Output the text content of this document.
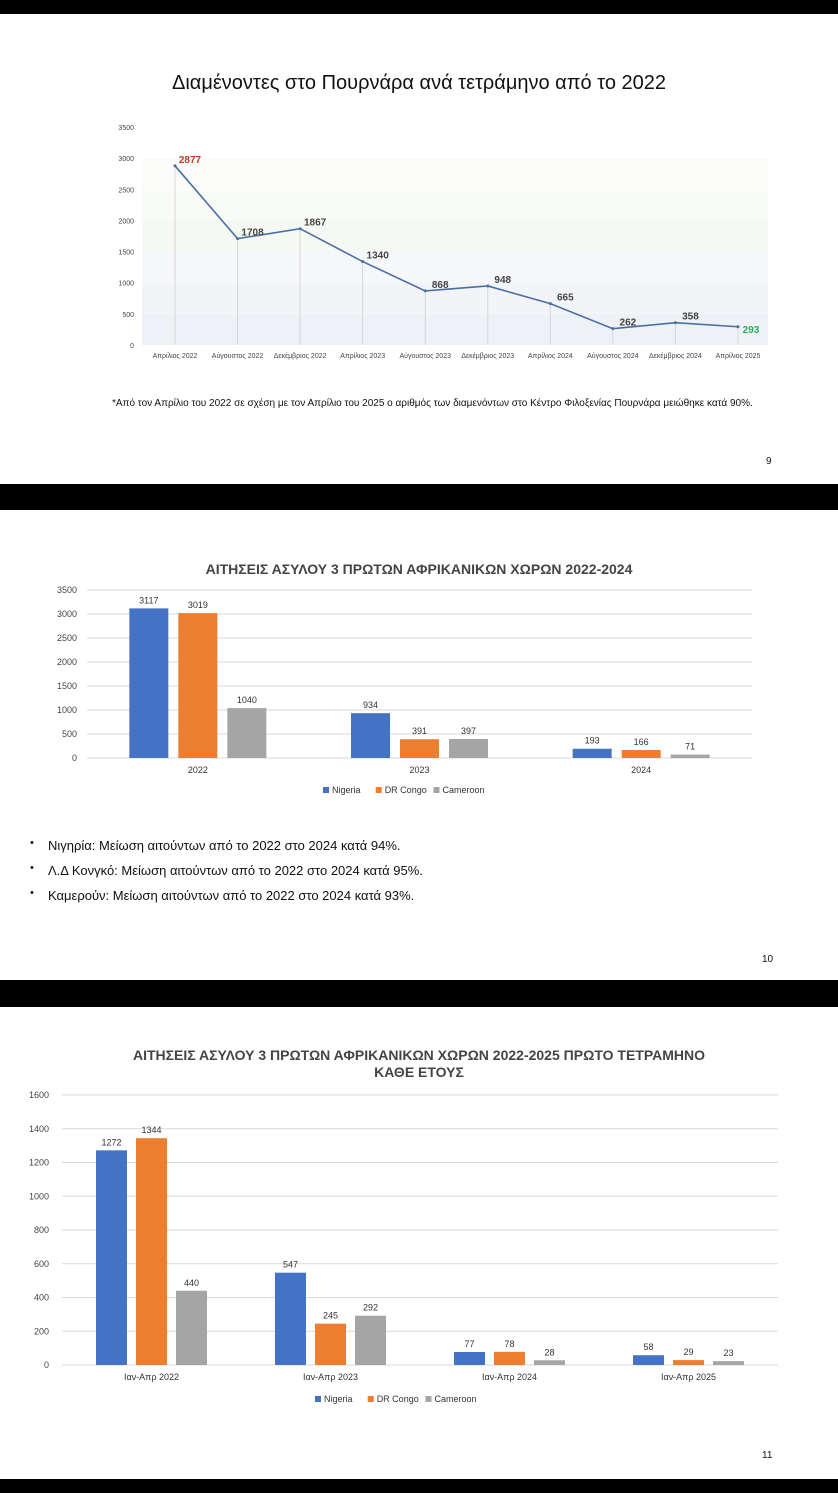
Διαμένοντες στο Πουρνάρα ανά τετράμηνο από το 2022
0
500
1000
1500
2000
2500
3000
3500
Απρίλιος 2022 Αύγουστος 2022 Δεκέμβριος 2022 Απρίλιος 2023 Αύγουστος 2023 Δεκέμβριος 2023 Απρίλιος 2024 Αύγουστος 2024 Δεκέμβριος 2024 Απρίλιος 2025
2877
1708
1867
1340
868	948
665
262
358
293
*Από τον Απρίλιο του 2022 σε σχέση με τον Απρίλιο του 2025 ο αριθμός των διαμενόντων στο Κέντρο Φιλοξενίας Πουρνάρα μειώθηκε κατά 90%.
9
ΑΙΤΗΣΕΙΣ ΑΣΥΛΟΥ 3 ΠΡΩΤΩΝ ΑΦΡΙΚΑΝΙΚΩΝ ΧΩΡΩΝ 2022-2024
0
500
1000
1500
2000
2500
3000
3500
3117	3019
1040
2022
934
391	397
2023
193	166	71
2024
Nigeria	DR Congo Cameroon
• Νιγηρία: Μείωση αιτούντων από το 2022 στο 2024 κατά 94%.
• Λ.Δ Κονγκό: Μείωση αιτούντων από το 2022 στο 2024 κατά 95%.
• Καμερούν: Μείωση αιτούντων από το 2022 στο 2024 κατά 93%.
10
ΑΙΤΗΣΕΙΣ ΑΣΥΛΟΥ 3 ΠΡΩΤΩΝ ΑΦΡΙΚΑΝΙΚΩΝ ΧΩΡΩΝ 2022-2025 ΠΡΩΤΟ ΤΕΤΡΑΜΗΝΟ
ΚΑΘΕ ΕΤΟΥΣ
0
200
400
600
800
1000
1200
1400
1600
1272
1344
440
Ιαν-Απρ 2022
547
245
292
Ιαν-Απρ 2023
77	78
28
Ιαν-Απρ 2024
58	29	23
Ιαν-Απρ 2025
Nigeria	DR Congo Cameroon
11
